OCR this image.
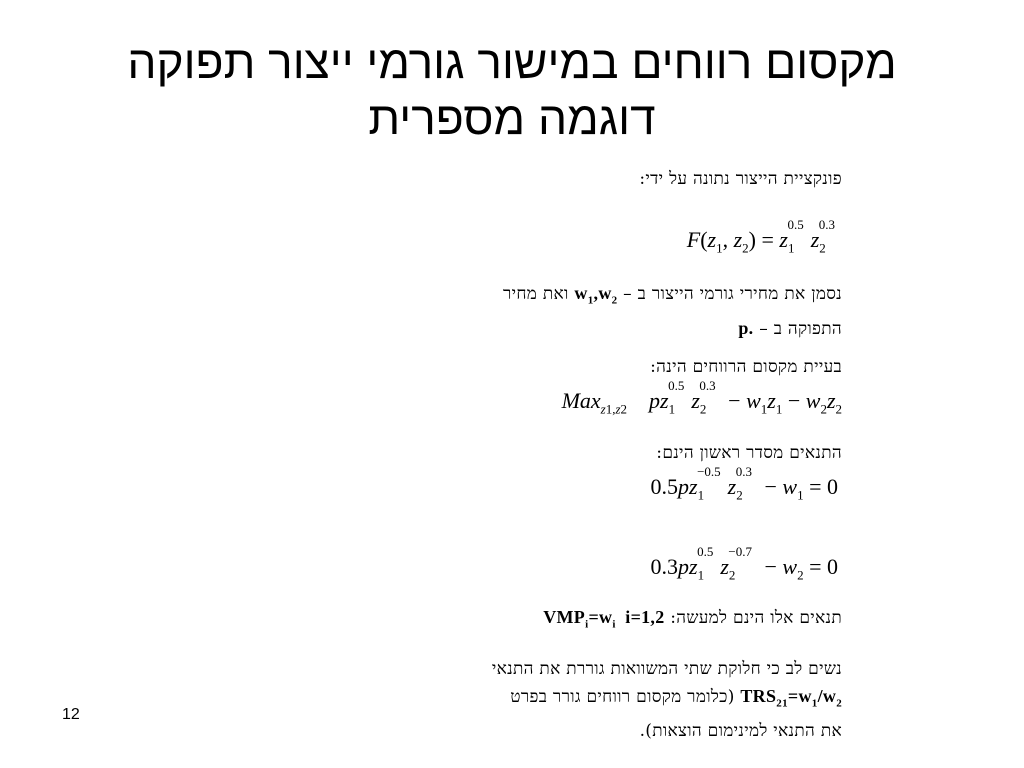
מקסום רווחים במישור גורמי ייצור תפוקה
דוגמה מספרית
פונקציית הייצור נתונה על ידי:
$F(z_1$, $z_2) = z_1^{0.5}z_2^{0.3}$
נסמן את מחירי גורמי הייצור ב – $w_1,w_2$ ואת מחיר
התפוקה ב – p.
בעיית מקסום הרווחים הינה:
Max$_{z1,z2}$ $pz_1^{0.5}z_2^{0.3} - w_1z_1 - w_2z_2$
התנאים מסדר ראשון הינם:
$0.5pz_1^{-0.5}z_2^{0.3} - w_1 = 0$
$0.3pz_1^{0.5}z_2^{-0.7} - w_2 = 0$
תנאים אלו הינם למעשה: $VMP_i=w_i$  i=1,2
נשים לב כי חלוקת שתי המשוואות גוררת את התנאי
$TRS_{21}=w_1/w_2$ (כלומר מקסום רווחים גורר בפרט
את התנאי למינימום הוצאות).
12
